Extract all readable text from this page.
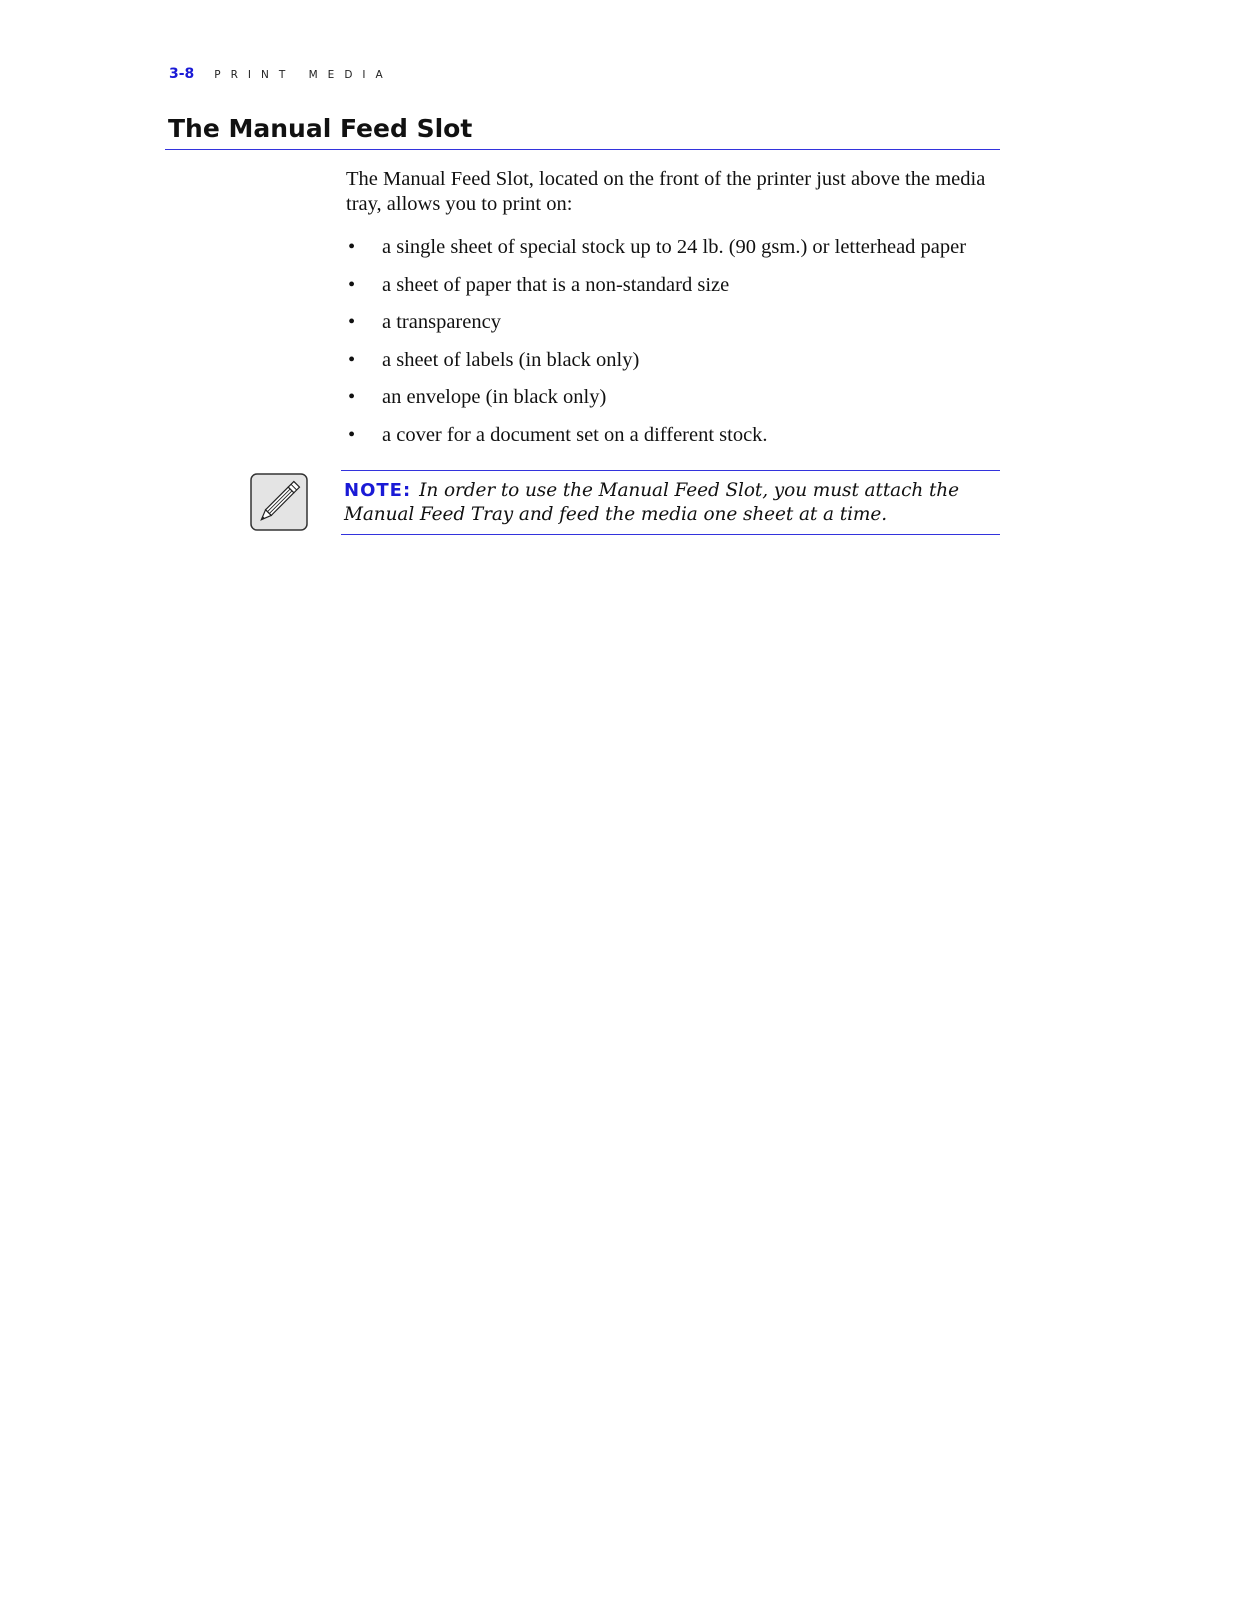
3-8 PRINT MEDIA
The Manual Feed Slot

The Manual Feed Slot, located on the front of the printer just above the media tray, allows you to print on:

•	a single sheet of special stock up to 24 lb. (90 gsm.) or letterhead paper
•	a sheet of paper that is a non-standard size
•	a transparency
•	a sheet of labels (in black only)
•	an envelope (in black only)
•	a cover for a document set on a different stock.

NOTE: In order to use the Manual Feed Slot, you must attach the Manual Feed Tray and feed the media one sheet at a time.
